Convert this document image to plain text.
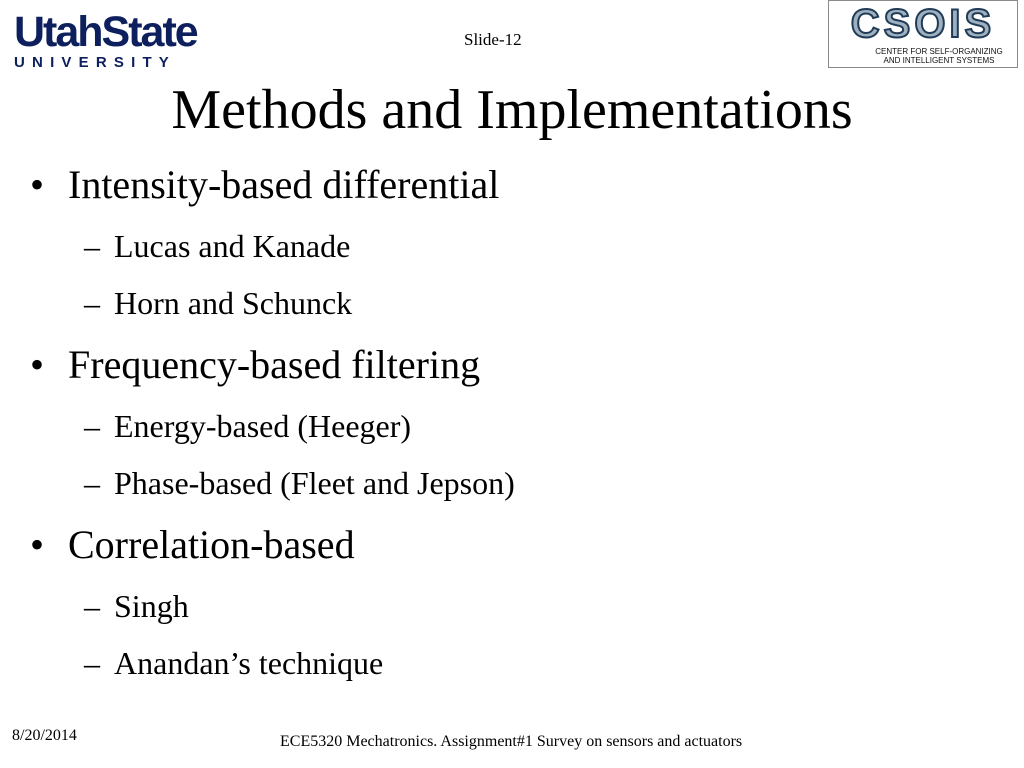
UtahState
UNIVERSITY
Slide-12	CSOIS
CENTER FOR SELF-ORGANIZING
AND INTELLIGENT SYSTEMS
Methods and Implementations
• Intensity-based differential
– Lucas and Kanade
– Horn and Schunck
• Frequency-based filtering
– Energy-based (Heeger)
– Phase-based (Fleet and Jepson)
• Correlation-based
– Singh
– Anandan’s technique
8/20/2014	ECE5320 Mechatronics. Assignment#1 Survey on sensors and actuators
